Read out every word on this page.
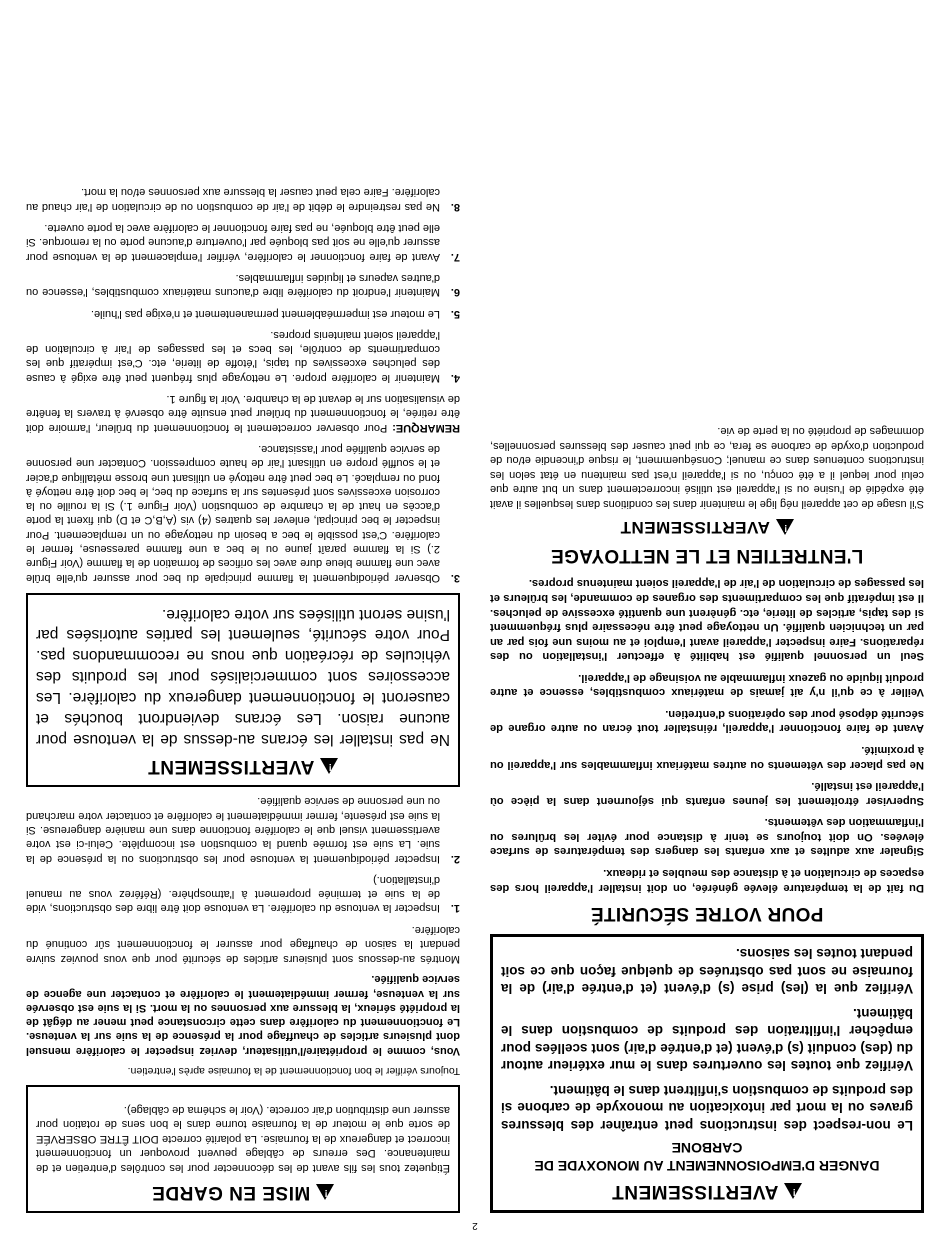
2
!
AVERTISSEMENT
DANGER D'EMPOISONNEMENT AU MONOXYDE DE CARBONE

Le non-respect des instructions peut entraîner des blessures graves ou la mort par intoxication au monoxyde de carbone si des produits de combustion s'infiltrent dans le bâtiment.

Vérifiez que toutes les ouvertures dans le mur extérieur autour du (des) conduit (s) d'évent (et d'entrée d'air) sont scellées pour empêcher l'infiltration des produits de combustion dans le bâtiment.

Vérifiez que la (les) prise (s) d'évent (et d'entrée d'air) de la fournaise ne sont pas obstruées de quelque façon que ce soit pendant toutes les saisons.

POUR VOTRE SÉCURITÉ

Du fait de la température élevée générée, on doit installer l'appareil hors des espaces de circulation et à distance des meubles et rideaux.

Signaler aux adultes et aux enfants les dangers des températures de surface élevées. On doit toujours se tenir à distance pour éviter les brûlures ou l'inflammation des vêtements.

Superviser étroitement les jeunes enfants qui séjournent dans la pièce où l'appareil est installé.

Ne pas placer des vêtements ou autres matériaux inflammables sur l'appareil ou à proximité.

Avant de faire fonctionner l'appareil, réinstaller tout écran ou autre organe de sécurité déposé pour des opérations d'entretien.

Veiller à ce qu'il n'y ait jamais de matériaux combustibles, essence et autre produit liquide ou gazeux inflammable au voisinage de l'appareil.

Seul un personnel qualifié est habilité à effectuer l'installation ou des réparations. Faire inspecter l'appareil avant l'emploi et au moins une fois par an par un technicien qualifié. Un nettoyage peut être nécessaire plus fréquemment si des tapis, articles de literie, etc. génèrent une quantité excessive de peluches. Il est impératif que les compartiments des organes de commande, les brûleurs et les passages de circulation de l'air de l'appareil soient maintenus propres.

L'ENTRETIEN ET LE NETTOYAGE
!
AVERTISSEMENT

S'il usage de cet appareil nég lige le maintenir dans les conditions dans lesquelles il avait été expédié de l'usine ou si l'appareil est utilisé incorrectement dans un but autre que celui pour lequel il a été conçu, ou si l'appareil n'est pas maintenu en état selon les instructions contenues dans ce manuel; Conséquemment, le risque d'incendie et/ou de production d'oxyde de carbone se fera, ce qui peut causer des blessures personnelles, dommages de propriété ou la perte de vie.

!
MISE EN GARDE

Étiquetez tous les fils avant de les déconnecter pour les contrôles d'entretien et de maintenance. Des erreurs de câblage peuvent provoquer un fonctionnement incorrect et dangereux de la fournaise. La polarité correcte DOIT ÊTRE OBSERVÉE de sorte que le moteur de la fournaise tourne dans le bon sens de rotation pour assurer une distribution d'air correcte. (Voir le schéma de câblage).

Toujours vérifier le bon fonctionnement de la fournaise après l'entretien.

Vous, comme le propriétaire/l'utilisateur, devriez inspecter le calorifère mensuel dont plusieurs articles de chauffage pour la présence de la suie sur la venteuse. Le fonctionnement du calorifère dans cette circonstance peut mener au dégât de la propriété sérieux, la blessure aux personnes ou la mort. Si la suie est observée sur la venteuse, fermer immédiatement le calorifère et contacter une agence de service qualifiée.

Montrés au-dessous sont plusieurs articles de sécurité pour que vous pouviez suivre pendant la saison de chauffage pour assurer le fonctionnement sûr continué du calorifère.

1.
Inspecter la ventouse du calorifère. La ventouse doit être libre des obstructions, vide de la suie et terminée proprement à l'atmosphère. (Référez vous au manuel d'installation.)
2.
Inspecter périodiquement la ventouse pour les obstructions ou la présence de la suie. La suie est formée quand la combustion est incomplète. Celui-ci est votre avertissement visuel que le calorifère fonctionne dans une manière dangereuse. Si la suie est présente, fermer immédiatement le calorifère et contacter votre marchand ou une personne de service qualifiée.
!
AVERTISSEMENT
Ne pas installer les écrans au-dessus de la ventouse pour aucune raison. Les écrans deviendront bouchés et causeront le fonctionnement dangereux du calorifère. Les accessoires sont commercialisés pour les produits des véhicules de récréation que nous ne recommandons pas. Pour votre sécurité, seulement les parties autorisées par l'usine seront utilisées sur votre calorifère.
3.
Observer périodiquement la flamme principale du bec pour assurer qu'elle brûle avec une flamme bleue dure avec les orifices de formation de la flamme (Voir Figure 2.) Si la flamme paraît jaune ou le bec a une flamme paresseuse, fermer le calorifère. C'est possible le bec a besoin du nettoyage ou un remplacement. Pour inspecter le bec principal, enlever les quatres (4) vis (A,B,C et D) qui fixent la porte d'accès en haut de la chambre de combustion (Voir Figure 1.) Si la rouille ou la corrosion excessives sont présentes sur la surface du bec, le bec doit être nettoyé à fond ou remplacé. Le bec peut être nettoyé en utilisant une brosse métallique d'acier et le soufflé propre en utilisant l'air de haute compression. Contacter une personne de service qualifiée pour l'assistance.
REMARQUE: Pour observer correctement le fonctionnement du brûleur, l'armoire doit être retirée, le fonctionnement du brûleur peut ensuite être observé à travers la fenêtre de visualisation sur le devant de la chambre. Voir la figure 1.
4.
Maintenir le calorifère propre. Le nettoyage plus fréquent peut être exigé à cause des peluches excessives du tapis, l'étoffe de literie, etc. C'est impératif que les compartiments de contrôle, les becs et les passages de l'air à circulation de l'appareil soient maintenis propres.
5.
Le moteur est imperméablement permanentement et n'exige pas l'huile.
6.
Maintenir l'endroit du calorifère libre d'aucuns matériaux combustibles, l'essence ou d'autres vapeurs et liquides inflammables.
7.
Avant de faire fonctionner le calorifère, vérifier l'emplacement de la ventouse pour assurer qu'elle ne soit pas bloquée par l'ouverture d'aucune porte ou la remorque. Si elle peut être bloquée, ne pas faire fonctionner le calorifère avec la porte ouverte.
8.
Ne pas restreindre le débit de l'air de combustion ou de circulation de l'air chaud au calorifère. Faire cela peut causer la blessure aux personnes et/ou la mort.
